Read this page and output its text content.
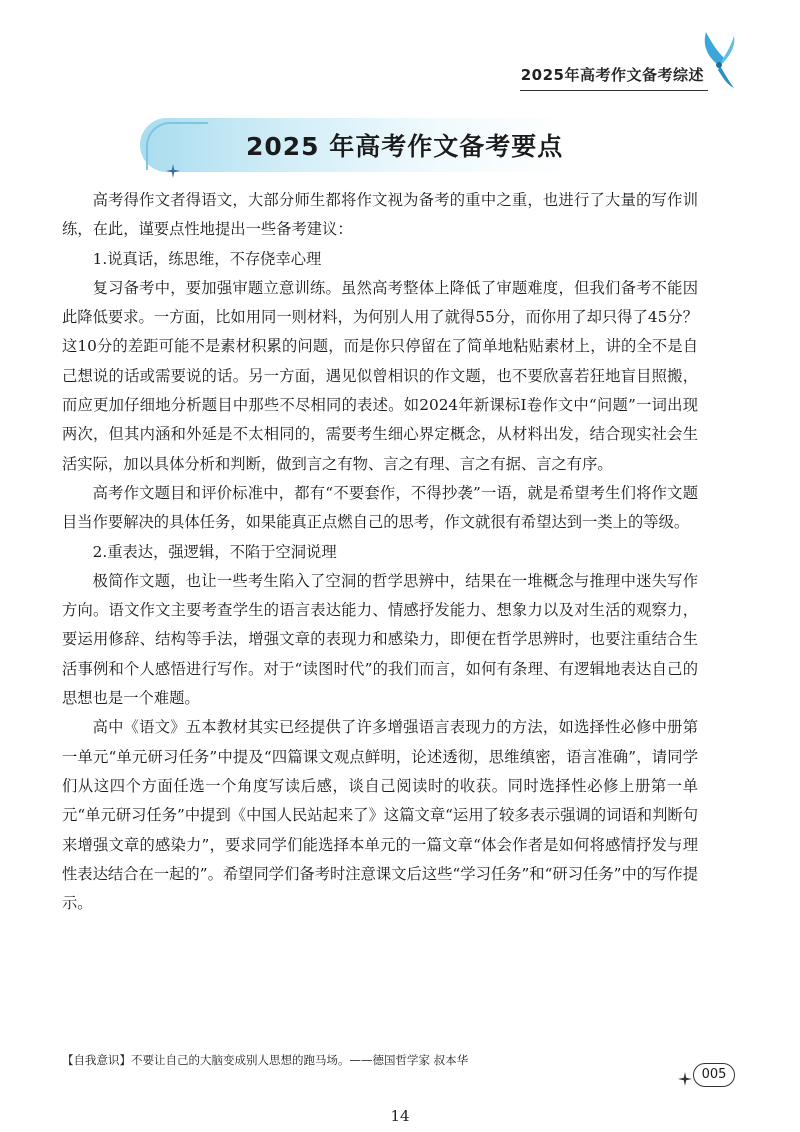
2025年高考作文备考综述
2025 年高考作文备考要点

高考得作文者得语文，大部分师生都将作文视为备考的重中之重，也进行了大量的写作训练，在此，谨要点性地提出一些备考建议：

1.说真话，练思维，不存侥幸心理

复习备考中，要加强审题立意训练。虽然高考整体上降低了审题难度，但我们备考不能因此降低要求。一方面，比如用同一则材料，为何别人用了就得55分，而你用了却只得了45分？这10分的差距可能不是素材积累的问题，而是你只停留在了简单地粘贴素材上，讲的全不是自己想说的话或需要说的话。另一方面，遇见似曾相识的作文题，也不要欣喜若狂地盲目照搬，而应更加仔细地分析题目中那些不尽相同的表述。如2024年新课标Ⅰ卷作文中“问题”一词出现两次，但其内涵和外延是不太相同的，需要考生细心界定概念，从材料出发，结合现实社会生活实际，加以具体分析和判断，做到言之有物、言之有理、言之有据、言之有序。

高考作文题目和评价标准中，都有“不要套作，不得抄袭”一语，就是希望考生们将作文题目当作要解决的具体任务，如果能真正点燃自己的思考，作文就很有希望达到一类上的等级。

2.重表达，强逻辑，不陷于空洞说理

极简作文题，也让一些考生陷入了空洞的哲学思辨中，结果在一堆概念与推理中迷失写作方向。语文作文主要考查学生的语言表达能力、情感抒发能力、想象力以及对生活的观察力，要运用修辞、结构等手法，增强文章的表现力和感染力，即便在哲学思辨时，也要注重结合生活事例和个人感悟进行写作。对于“读图时代”的我们而言，如何有条理、有逻辑地表达自己的思想也是一个难题。

高中《语文》五本教材其实已经提供了许多增强语言表现力的方法，如选择性必修中册第一单元“单元研习任务”中提及“四篇课文观点鲜明，论述透彻，思维缜密，语言准确”，请同学们从这四个方面任选一个角度写读后感，谈自己阅读时的收获。同时选择性必修上册第一单元“单元研习任务”中提到《中国人民站起来了》这篇文章“运用了较多表示强调的词语和判断句来增强文章的感染力”，要求同学们能选择本单元的一篇文章“体会作者是如何将感情抒发与理性表达结合在一起的”。希望同学们备考时注意课文后这些“学习任务”和“研习任务”中的写作提示。

【自我意识】不要让自己的大脑变成别人思想的跑马场。——德国哲学家 叔本华
005
14
